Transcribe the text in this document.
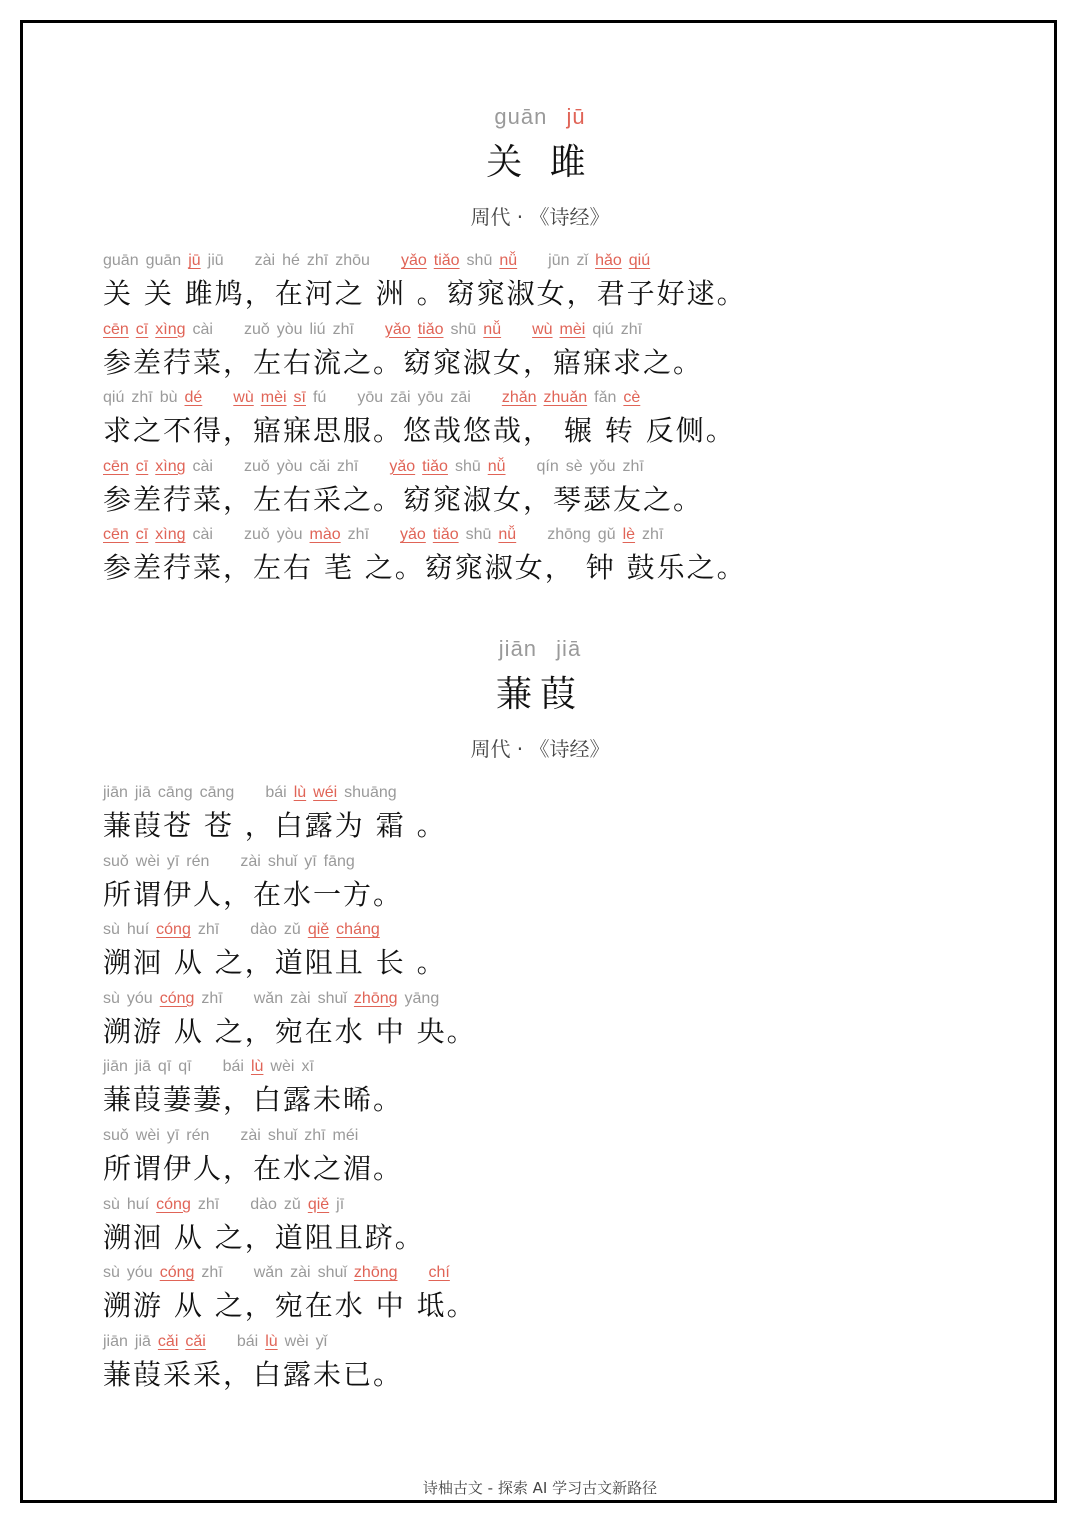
guān jū
关 雎
周代 · 《诗经》
guān guān jū jiū zài hé zhī zhōu yǎo tiǎo shū nǚ jūn zǐ hǎo qiú
关 关 雎鸠，在河之 洲 。窈窕淑女，君子好逑。
cēn cī xìng cài zuǒ yòu liú zhī yǎo tiǎo shū nǚ wù mèi qiú zhī
参差荇菜，左右流之。窈窕淑女，寤寐求之。
qiú zhī bù dé wù mèi sī fú yōu zāi yōu zāi zhǎn zhuǎn fǎn cè
求之不得，寤寐思服。悠哉悠哉， 辗 转 反侧。
cēn cī xìng cài zuǒ yòu cǎi zhī yǎo tiǎo shū nǚ qín sè yǒu zhī
参差荇菜，左右采之。窈窕淑女，琴瑟友之。
cēn cī xìng cài zuǒ yòu mào zhī yǎo tiǎo shū nǚ zhōng gǔ lè zhī
参差荇菜，左右 芼 之。窈窕淑女， 钟 鼓乐之。
jiān jiā
蒹葭
周代 · 《诗经》
jiān jiā cāng cāng bái lù wéi shuāng
蒹葭苍 苍 ，白露为 霜 。
suǒ wèi yī rén zài shuǐ yī fāng
所谓伊人，在水一方。
sù huí cóng zhī dào zǔ qiě cháng
溯洄 从 之，道阻且 长 。
sù yóu cóng zhī wǎn zài shuǐ zhōng yāng
溯游 从 之，宛在水 中 央。
jiān jiā qī qī bái lù wèi xī
蒹葭萋萋，白露未晞。
suǒ wèi yī rén zài shuǐ zhī méi
所谓伊人，在水之湄。
sù huí cóng zhī dào zǔ qiě jī
溯洄 从 之，道阻且跻。
sù yóu cóng zhī wǎn zài shuǐ zhōng chí
溯游 从 之，宛在水 中 坻。
jiān jiā cǎi cǎi bái lù wèi yǐ
蒹葭采采，白露未已。
诗柚古文 - 探索 AI 学习古文新路径
